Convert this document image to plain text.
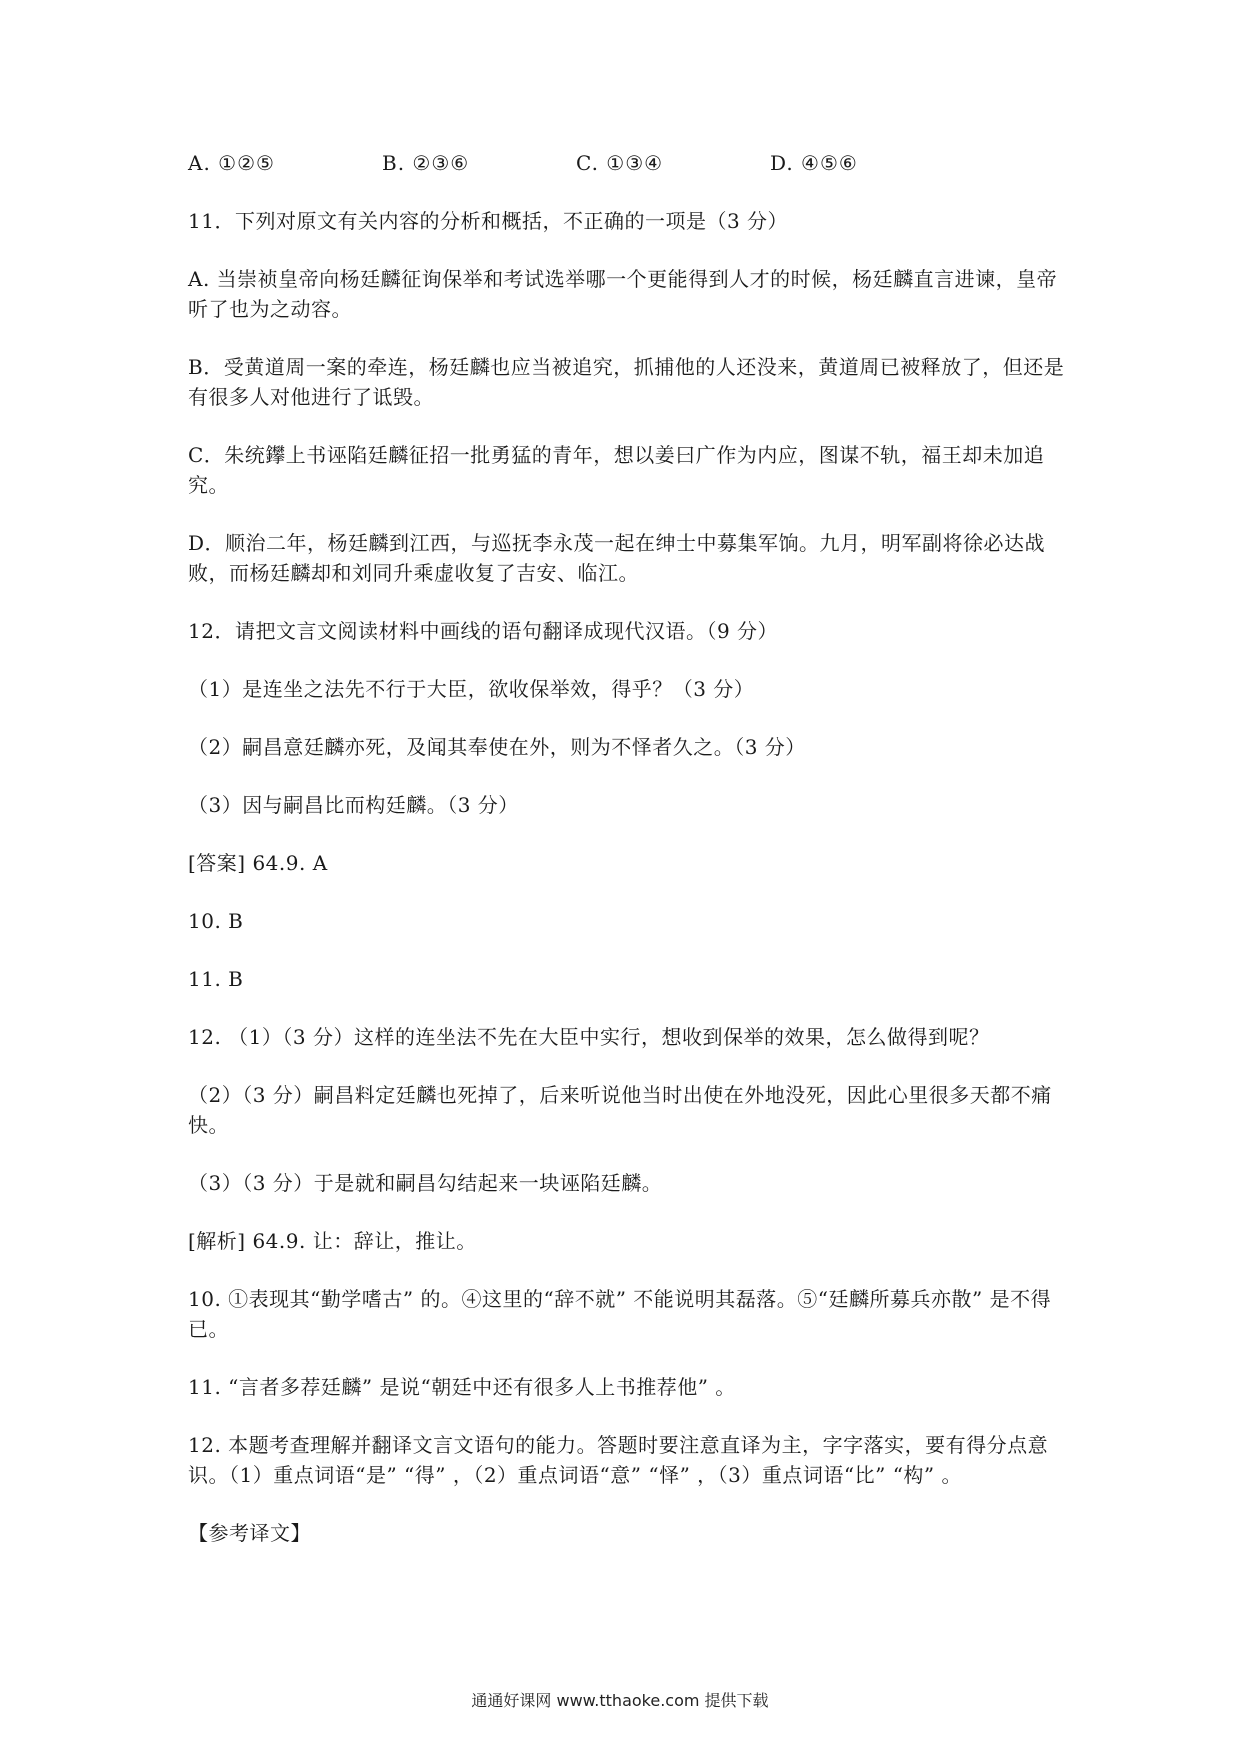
A. ①②⑤	B. ②③⑥	C. ①③④	D. ④⑤⑥

11．下列对原文有关内容的分析和概括，不正确的一项是（3 分）

A. 当崇祯皇帝向杨廷麟征询保举和考试选举哪一个更能得到人才的时候，杨廷麟直言进谏，皇帝听了也为之动容。

B．受黄道周一案的牵连，杨廷麟也应当被追究，抓捕他的人还没来，黄道周已被释放了，但还是有很多人对他进行了诋毁。

C．朱统鑻上书诬陷廷麟征招一批勇猛的青年，想以姜曰广作为内应，图谋不轨，福王却未加追究。

D．顺治二年，杨廷麟到江西，与巡抚李永茂一起在绅士中募集军饷。九月，明军副将徐必达战败，而杨廷麟却和刘同升乘虚收复了吉安、临江。

12．请把文言文阅读材料中画线的语句翻译成现代汉语。（9 分）

（1）是连坐之法先不行于大臣，欲收保举效，得乎？（3 分）

（2）嗣昌意廷麟亦死，及闻其奉使在外，则为不怿者久之。（3 分）

（3）因与嗣昌比而构廷麟。（3 分）

[答案] 64.9. A

10. B

11. B

12. （1）（3 分）这样的连坐法不先在大臣中实行，想收到保举的效果，怎么做得到呢？

（2）（3 分）嗣昌料定廷麟也死掉了，后来听说他当时出使在外地没死，因此心里很多天都不痛快。

（3）（3 分）于是就和嗣昌勾结起来一块诬陷廷麟。

[解析] 64.9. 让：辞让，推让。

10. ①表现其“勤学嗜古” 的。④这里的“辞不就” 不能说明其磊落。⑤“廷麟所募兵亦散” 是不得已。

11. “言者多荐廷麟” 是说“朝廷中还有很多人上书推荐他” 。

12. 本题考查理解并翻译文言文语句的能力。答题时要注意直译为主，字字落实，要有得分点意识。（1）重点词语“是” “得” ，（2）重点词语“意” “怿” ，（3）重点词语“比” “构” 。

【参考译文】

通通好课网 www.tthaoke.com 提供下载
